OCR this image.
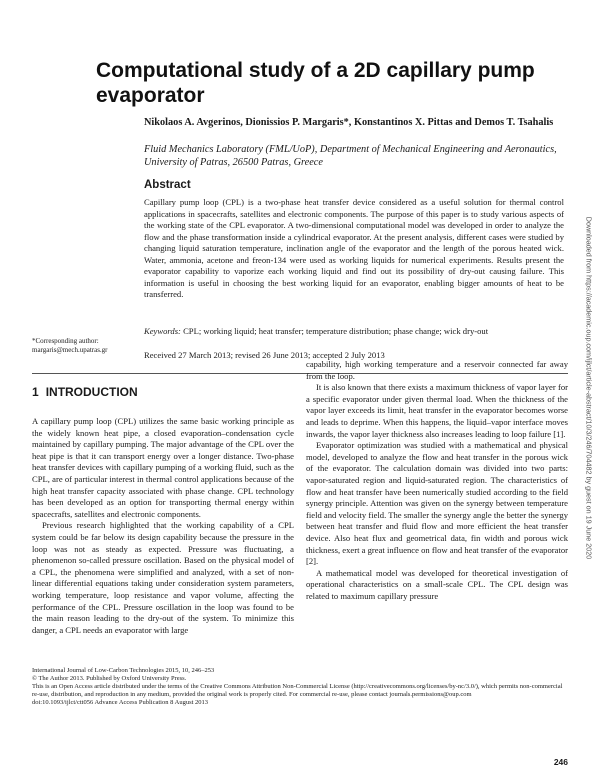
Computational study of a 2D capillary pump evaporator

Nikolaos A. Avgerinos, Dionissios P. Margaris*, Konstantinos X. Pittas and Demos T. Tsahalis

Fluid Mechanics Laboratory (FML/UoP), Department of Mechanical Engineering and Aeronautics, University of Patras, 26500 Patras, Greece

Abstract

Capillary pump loop (CPL) is a two-phase heat transfer device considered as a useful solution for thermal control applications in spacecrafts, satellites and electronic components. The purpose of this paper is to study various aspects of the working state of the CPL evaporator. A two-dimensional computational model was developed in order to analyze the flow and the phase transformation inside a cylindrical evaporator. At the present analysis, different cases were studied by changing liquid saturation temperature, inclination angle of the evaporator and the length of the porous heated wick. Water, ammonia, acetone and freon-134 were used as working liquids for numerical experiments. Results present the evaporator capability to vaporize each working liquid and find out its possibility of dry-out causing failure. This information is useful in choosing the best working liquid for an evaporator, enabling bigger amounts of heat to be transferred.

Keywords: CPL; working liquid; heat transfer; temperature distribution; phase change; wick dry-out

*Corresponding author:
margaris@mech.upatras.gr	Received 27 March 2013; revised 26 June 2013; accepted 2 July 2013

1 INTRODUCTION

A capillary pump loop (CPL) utilizes the same basic working principle as the widely known heat pipe, a closed evaporation–condensation cycle maintained by capillary pumping. The major advantage of the CPL over the heat pipe is that it can transport energy over a longer distance. Two-phase heat transfer devices with capillary pumping of a working fluid, such as the CPL, are of particular interest in thermal control applications because of the high heat transfer capacity associated with phase change. CPL technology has been developed as an option for transporting thermal energy within spacecrafts, satellites and electronic components.

Previous research highlighted that the working capability of a CPL system could be far below its design capability because the pressure in the loop was not as steady as expected. Pressure was fluctuating, a phenomenon so-called pressure oscillation. Based on the physical model of a CPL, the phenomena were simplified and analyzed, with a set of non-linear differential equations taking under consideration system parameters, working temperature, loop resistance and vapor volume, affecting the performance of the CPL. Pressure oscillation in the loop was found to be the main reason leading to the dry-out of the system. To minimize this danger, a CPL needs an evaporator with large

capability, high working temperature and a reservoir connected far away from the loop.

It is also known that there exists a maximum thickness of vapor layer for a specific evaporator under given thermal load. When the thickness of the vapor layer exceeds its limit, heat transfer in the evaporator becomes worse and leads to deprime. When this happens, the liquid–vapor interface moves inwards, the vapor layer thickness also increases leading to loop failure [1].

Evaporator optimization was studied with a mathematical and physical model, developed to analyze the flow and heat transfer in the porous wick of the evaporator. The calculation domain was divided into two parts: vapor-saturated region and liquid-saturated region. The characteristics of flow and heat transfer have been numerically studied according to the field synergy principle. Attention was given on the synergy between temperature field and velocity field. The smaller the synergy angle the better the synergy between heat transfer and fluid flow and more efficient the heat transfer device. Also heat flux and geometrical data, fin width and porous wick thickness, exert a great influence on flow and heat transfer of the evaporator [2].

A mathematical model was developed for theoretical investigation of operational characteristics on a small-scale CPL. The CPL design was related to maximum capillary pressure

International Journal of Low-Carbon Technologies 2015, 10, 246–253

© The Author 2013. Published by Oxford University Press.

This is an Open Access article distributed under the terms of the Creative Commons Attribution Non-Commercial License (http://creativecommons.org/licenses/by-nc/3.0/), which permits non-commercial re-use, distribution, and reproduction in any medium, provided the original work is properly cited. For commercial re-use, please contact journals.permissions@oup.com

doi:10.1093/ijlct/ctt056 Advance Access Publication 8 August 2013

246
Downloaded from https://academic.oup.com/ijlct/article-abstract/10/3/246/704482 by guest on 19 June 2020
